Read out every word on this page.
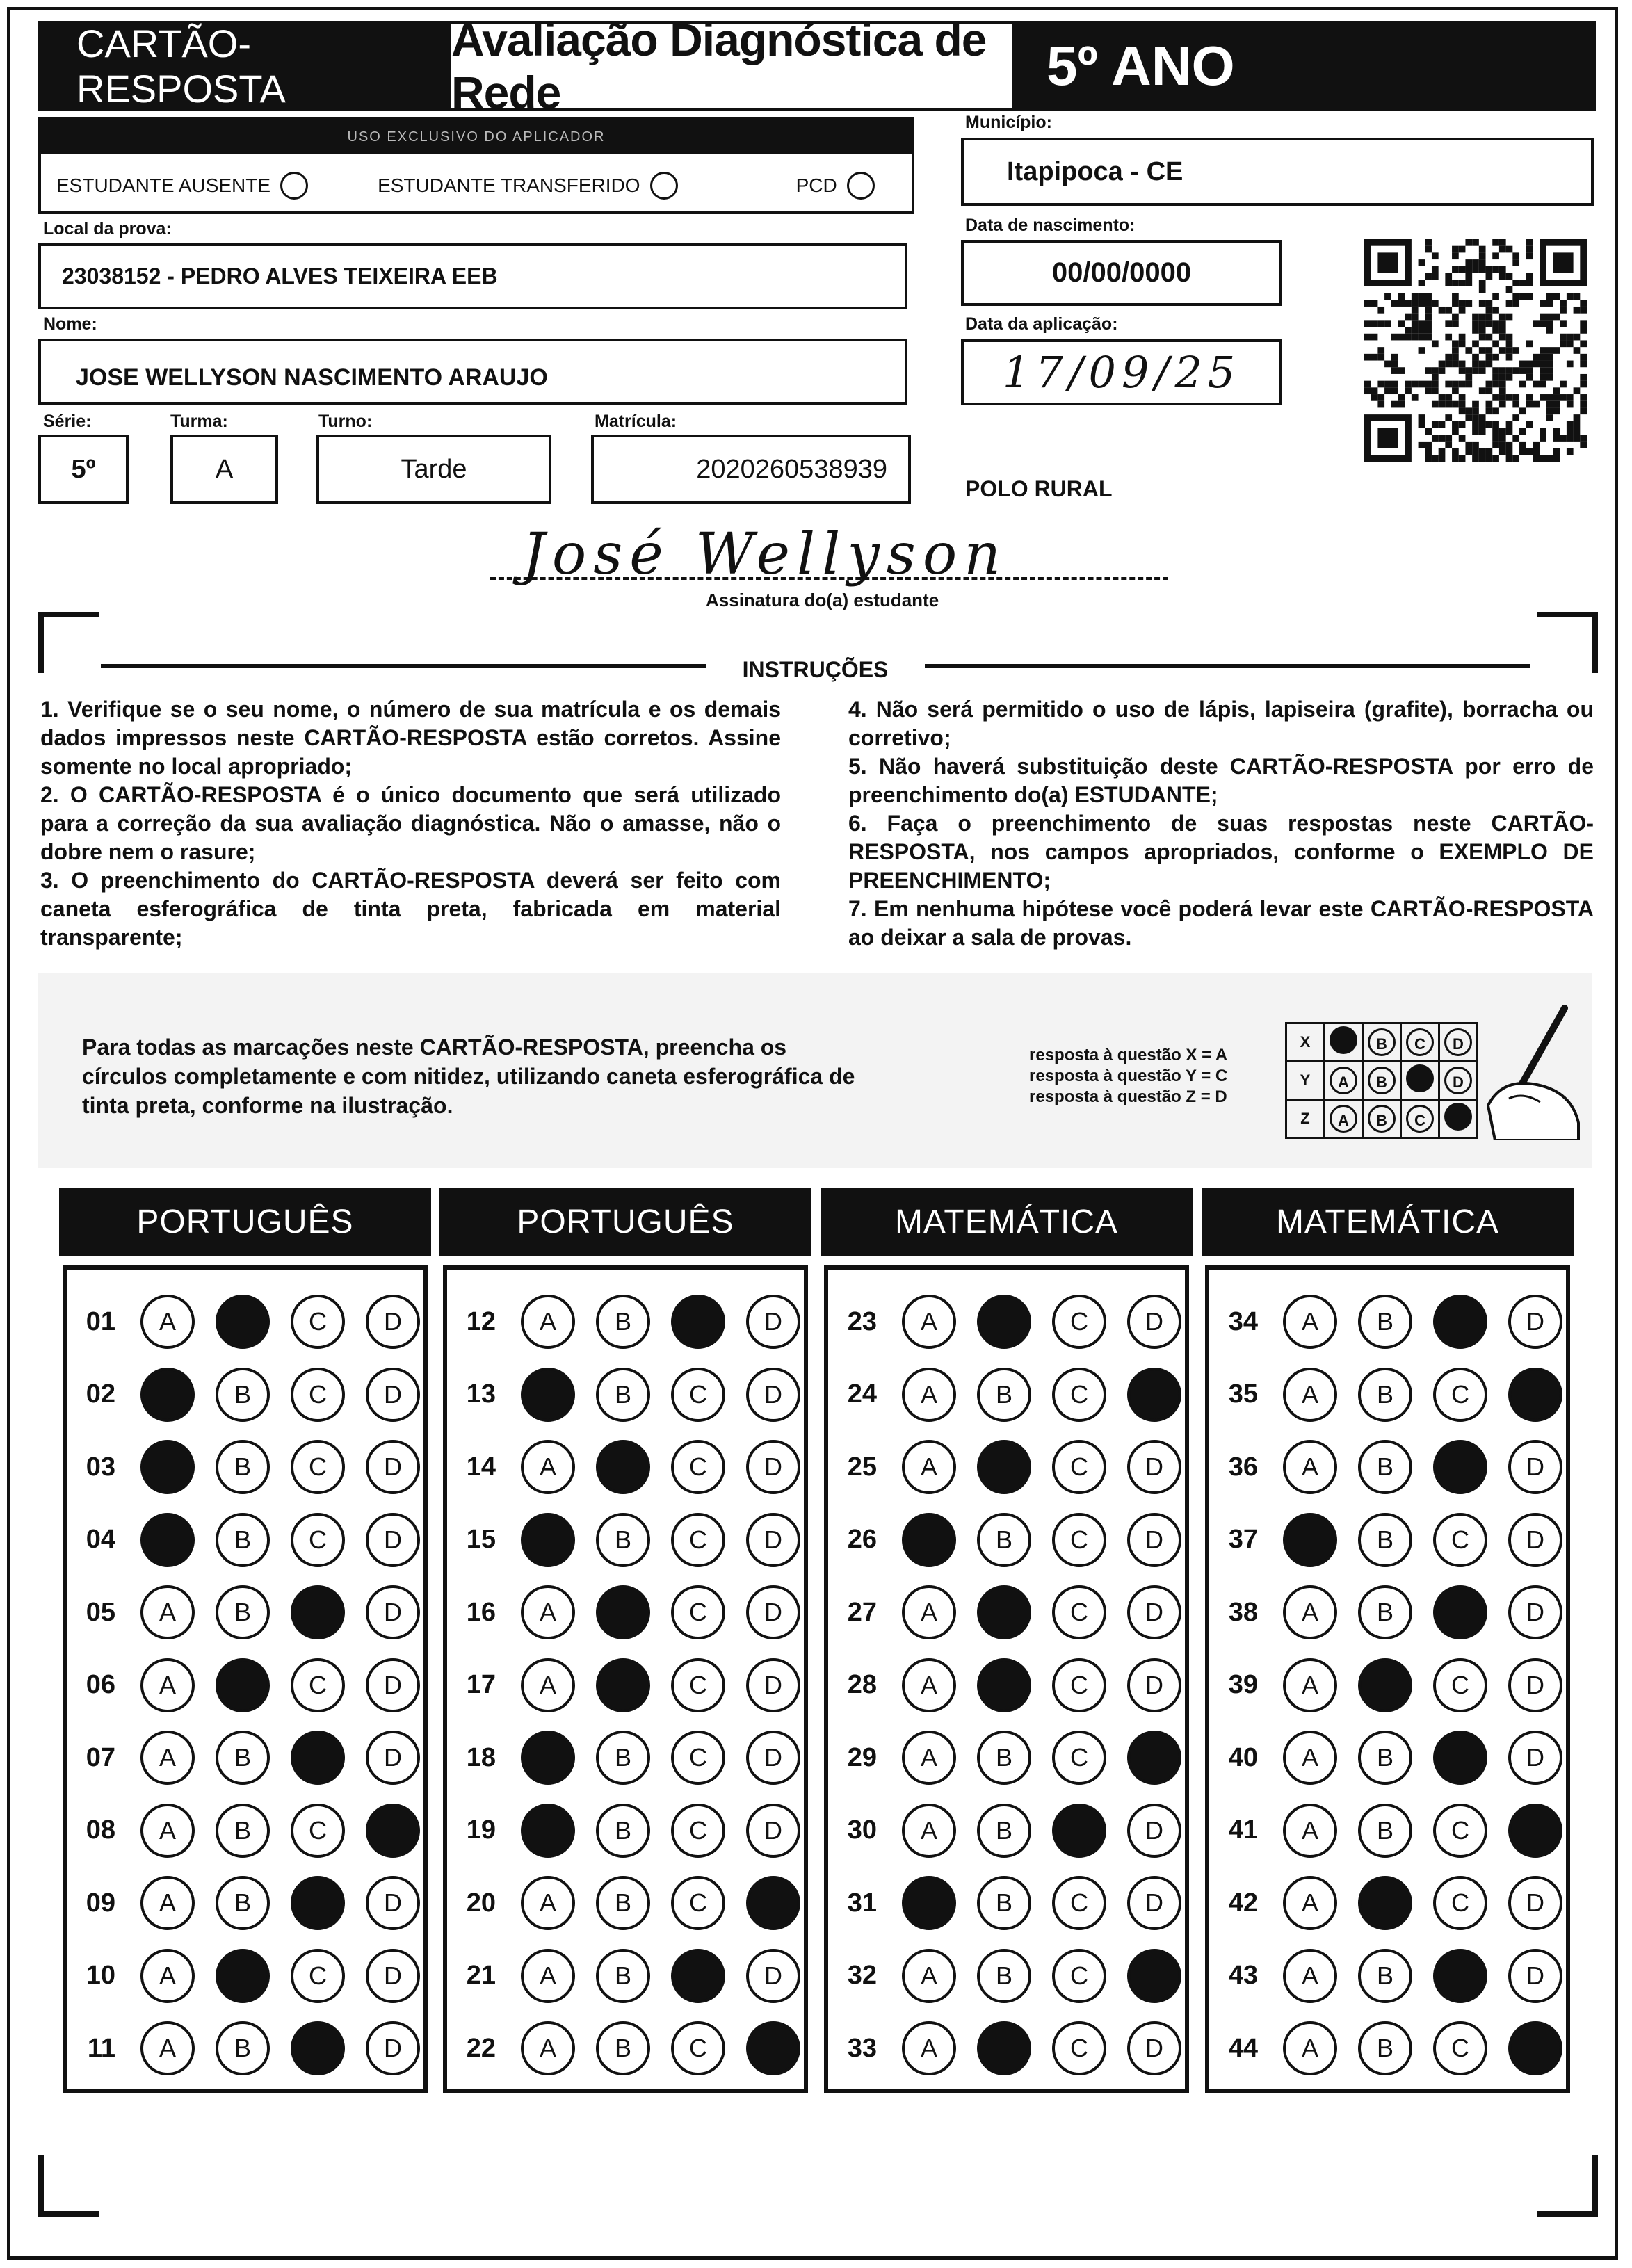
CARTÃO-RESPOSTA
Avaliação Diagnóstica de Rede	5º ANO
USO EXCLUSIVO DO APLICADOR
ESTUDANTE AUSENTE	ESTUDANTE TRANSFERIDO	PCD
Local da prova:
23038152 - PEDRO ALVES TEIXEIRA EEB
Nome:
JOSE WELLYSON NASCIMENTO ARAUJO
Série:
5º
Turma:
A
Turno:
Tarde
Matrícula:
2020260538939
Município:
Itapipoca - CE
Data de nascimento:
00/00/0000
Data da aplicação:
17/09/25
POLO RURAL
José Wellyson
Assinatura do(a) estudante
INSTRUÇÕES
1. Verifique se o seu nome, o número de sua matrícula e os demais dados impressos neste CARTÃO-RESPOSTA estão corretos. Assine somente no local apropriado;
2. O CARTÃO-RESPOSTA é o único documento que será utilizado para a correção da sua avaliação diagnóstica. Não o amasse, não o dobre nem o rasure;
3. O preenchimento do CARTÃO-RESPOSTA deverá ser feito com caneta esferográfica de tinta preta, fabricada em material transparente;
4. Não será permitido o uso de lápis, lapiseira (grafite), borracha ou corretivo;
5. Não haverá substituição deste CARTÃO-RESPOSTA por erro de preenchimento do(a) ESTUDANTE;
6. Faça o preenchimento de suas respostas neste CARTÃO-RESPOSTA, nos campos apropriados, conforme o EXEMPLO DE PREENCHIMENTO;
7. Em nenhuma hipótese você poderá levar este CARTÃO-RESPOSTA ao deixar a sala de provas.
Para todas as marcações neste CARTÃO-RESPOSTA, preencha os círculos completamente e com nitidez, utilizando caneta esferográfica de tinta preta, conforme na ilustração.
resposta à questão X = A
resposta à questão Y = C
resposta à questão Z = D
X		B	C	D
Y	A	B		D
Z	A	B	C	
PORTUGUÊS
01	A	C	D
02	B	C	D
03	B	C	D
04	B	C	D
05	A	B	D
06	A	C	D
07	A	B	D
08	A	B	C
09	A	B	D
10	A	C	D
11	A	B	D
PORTUGUÊS
12	A	B	D
13	B	C	D
14	A	C	D
15	B	C	D
16	A	C	D
17	A	C	D
18	B	C	D
19	B	C	D
20	A	B	C
21	A	B	D
22	A	B	C
MATEMÁTICA
23	A	C	D
24	A	B	C
25	A	C	D
26	B	C	D
27	A	C	D
28	A	C	D
29	A	B	C
30	A	B	D
31	B	C	D
32	A	B	C
33	A	C	D
MATEMÁTICA
34	A	B	D
35	A	B	C
36	A	B	D
37	B	C	D
38	A	B	D
39	A	C	D
40	A	B	D
41	A	B	C
42	A	C	D
43	A	B	D
44	A	B	C
